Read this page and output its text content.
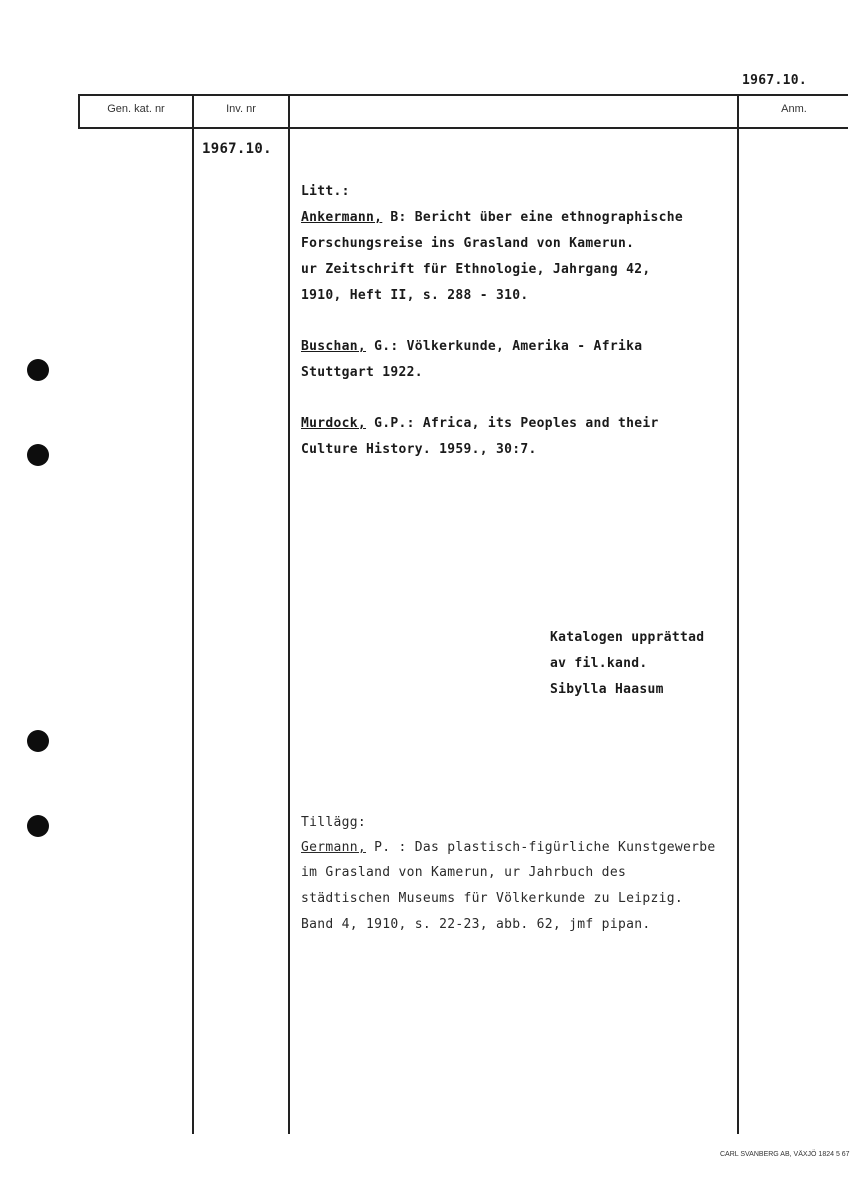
1967.10.
Gen. kat. nr	Inv. nr	Anm.
1967.10.
Litt.:
Ankermann, B: Bericht über eine ethnographische
Forschungsreise ins Grasland von Kamerun.
ur Zeitschrift für Ethnologie, Jahrgang 42,
1910, Heft II, s. 288 - 310.
Buschan, G.: Völkerkunde, Amerika - Afrika
Stuttgart 1922.
Murdock, G.P.: Africa, its Peoples and their
Culture History. 1959., 30:7.
Katalogen upprättad
av fil.kand.
Sibylla Haasum
Tillägg:
Germann, P. : Das plastisch-figürliche Kunstgewerbe
im Grasland von Kamerun, ur Jahrbuch des
städtischen Museums für Völkerkunde zu Leipzig.
Band 4, 1910, s. 22-23, abb. 62, jmf pipan.
CARL SVANBERG AB, VÄXJÖ 1824 5 67
